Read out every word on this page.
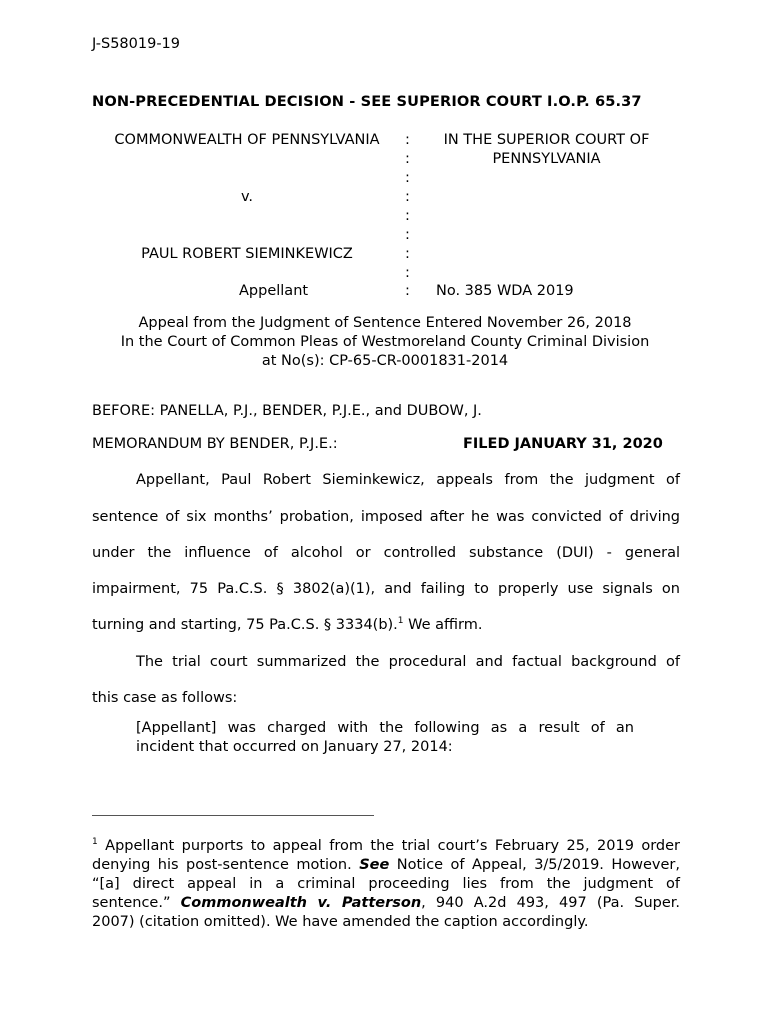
J-S58019-19
NON-PRECEDENTIAL DECISION - SEE SUPERIOR COURT I.O.P. 65.37
COMMONWEALTH OF PENNSYLVANIA
v.
PAUL ROBERT SIEMINKEWICZ
Appellant
:
:
:
:
:
:
:
:
:
IN THE SUPERIOR COURT OF
PENNSYLVANIA
No. 385 WDA 2019
Appeal from the Judgment of Sentence Entered November 26, 2018
In the Court of Common Pleas of Westmoreland County Criminal Division
at No(s): CP-65-CR-0001831-2014
BEFORE: PANELLA, P.J., BENDER, P.J.E., and DUBOW, J.
MEMORANDUM BY BENDER, P.J.E.:	FILED JANUARY 31, 2020
Appellant, Paul Robert Sieminkewicz, appeals from the judgment of
sentence of six months’ probation, imposed after he was convicted of driving
under the influence of alcohol or controlled substance (DUI) - general
impairment, 75 Pa.C.S. § 3802(a)(1), and failing to properly use signals on
turning and starting, 75 Pa.C.S. § 3334(b).$^1$ We affirm.
The trial court summarized the procedural and factual background of
this case as follows:
[Appellant] was charged with the following as a result of an
incident that occurred on January 27, 2014:
$^1$ Appellant purports to appeal from the trial court’s February 25, 2019 order
denying his post-sentence motion. See Notice of Appeal, 3/5/2019. However,
“[a] direct appeal in a criminal proceeding lies from the judgment of
sentence.” Commonwealth v. Patterson, 940 A.2d 493, 497 (Pa. Super.
2007) (citation omitted). We have amended the caption accordingly.
